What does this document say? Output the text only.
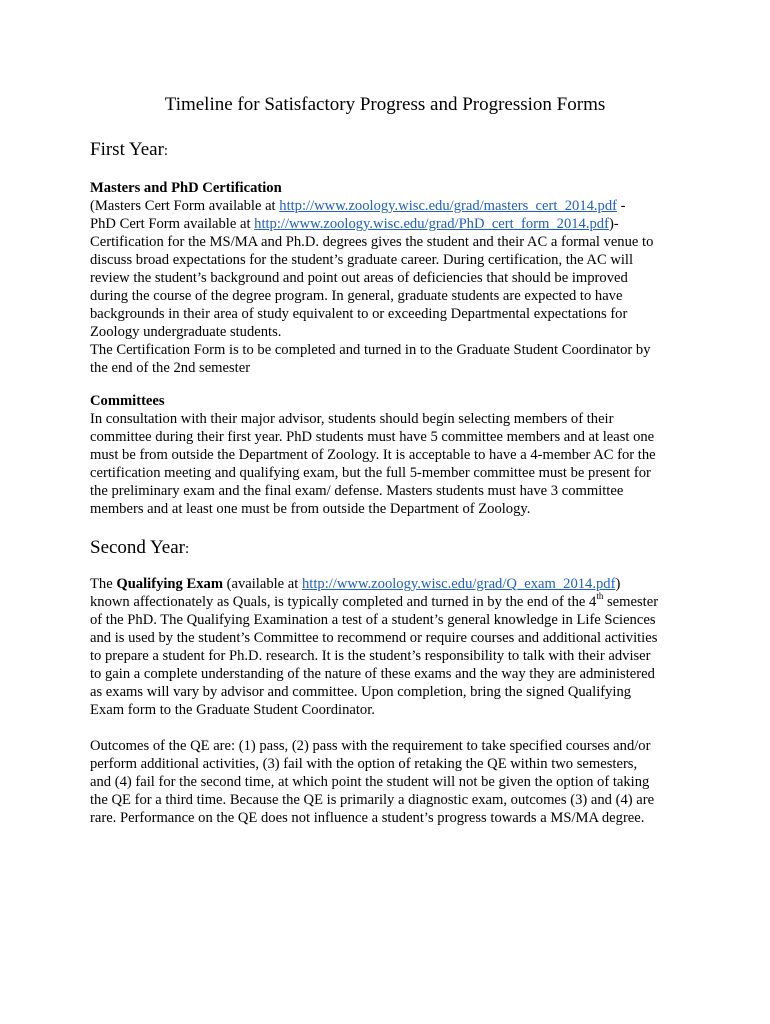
Timeline for Satisfactory Progress and Progression Forms
First Year:
Masters and PhD Certification
(Masters Cert Form available at http://www.zoology.wisc.edu/grad/masters_cert_2014.pdf -
PhD Cert Form available at http://www.zoology.wisc.edu/grad/PhD_cert_form_2014.pdf)-
Certification for the MS/MA and Ph.D. degrees gives the student and their AC a formal venue to
discuss broad expectations for the student’s graduate career. During certification, the AC will
review the student’s background and point out areas of deficiencies that should be improved
during the course of the degree program. In general, graduate students are expected to have
backgrounds in their area of study equivalent to or exceeding Departmental expectations for
Zoology undergraduate students.
The Certification Form is to be completed and turned in to the Graduate Student Coordinator by
the end of the 2nd semester
Committees
In consultation with their major advisor, students should begin selecting members of their
committee during their first year. PhD students must have 5 committee members and at least one
must be from outside the Department of Zoology. It is acceptable to have a 4-member AC for the
certification meeting and qualifying exam, but the full 5-member committee must be present for
the preliminary exam and the final exam/ defense. Masters students must have 3 committee
members and at least one must be from outside the Department of Zoology.
Second Year:
The Qualifying Exam (available at http://www.zoology.wisc.edu/grad/Q_exam_2014.pdf)
known affectionately as Quals, is typically completed and turned in by the end of the 4th semester
of the PhD. The Qualifying Examination a test of a student’s general knowledge in Life Sciences
and is used by the student’s Committee to recommend or require courses and additional activities
to prepare a student for Ph.D. research. It is the student’s responsibility to talk with their adviser
to gain a complete understanding of the nature of these exams and the way they are administered
as exams will vary by advisor and committee. Upon completion, bring the signed Qualifying
Exam form to the Graduate Student Coordinator.
Outcomes of the QE are: (1) pass, (2) pass with the requirement to take specified courses and/or
perform additional activities, (3) fail with the option of retaking the QE within two semesters,
and (4) fail for the second time, at which point the student will not be given the option of taking
the QE for a third time. Because the QE is primarily a diagnostic exam, outcomes (3) and (4) are
rare. Performance on the QE does not influence a student’s progress towards a MS/MA degree.
